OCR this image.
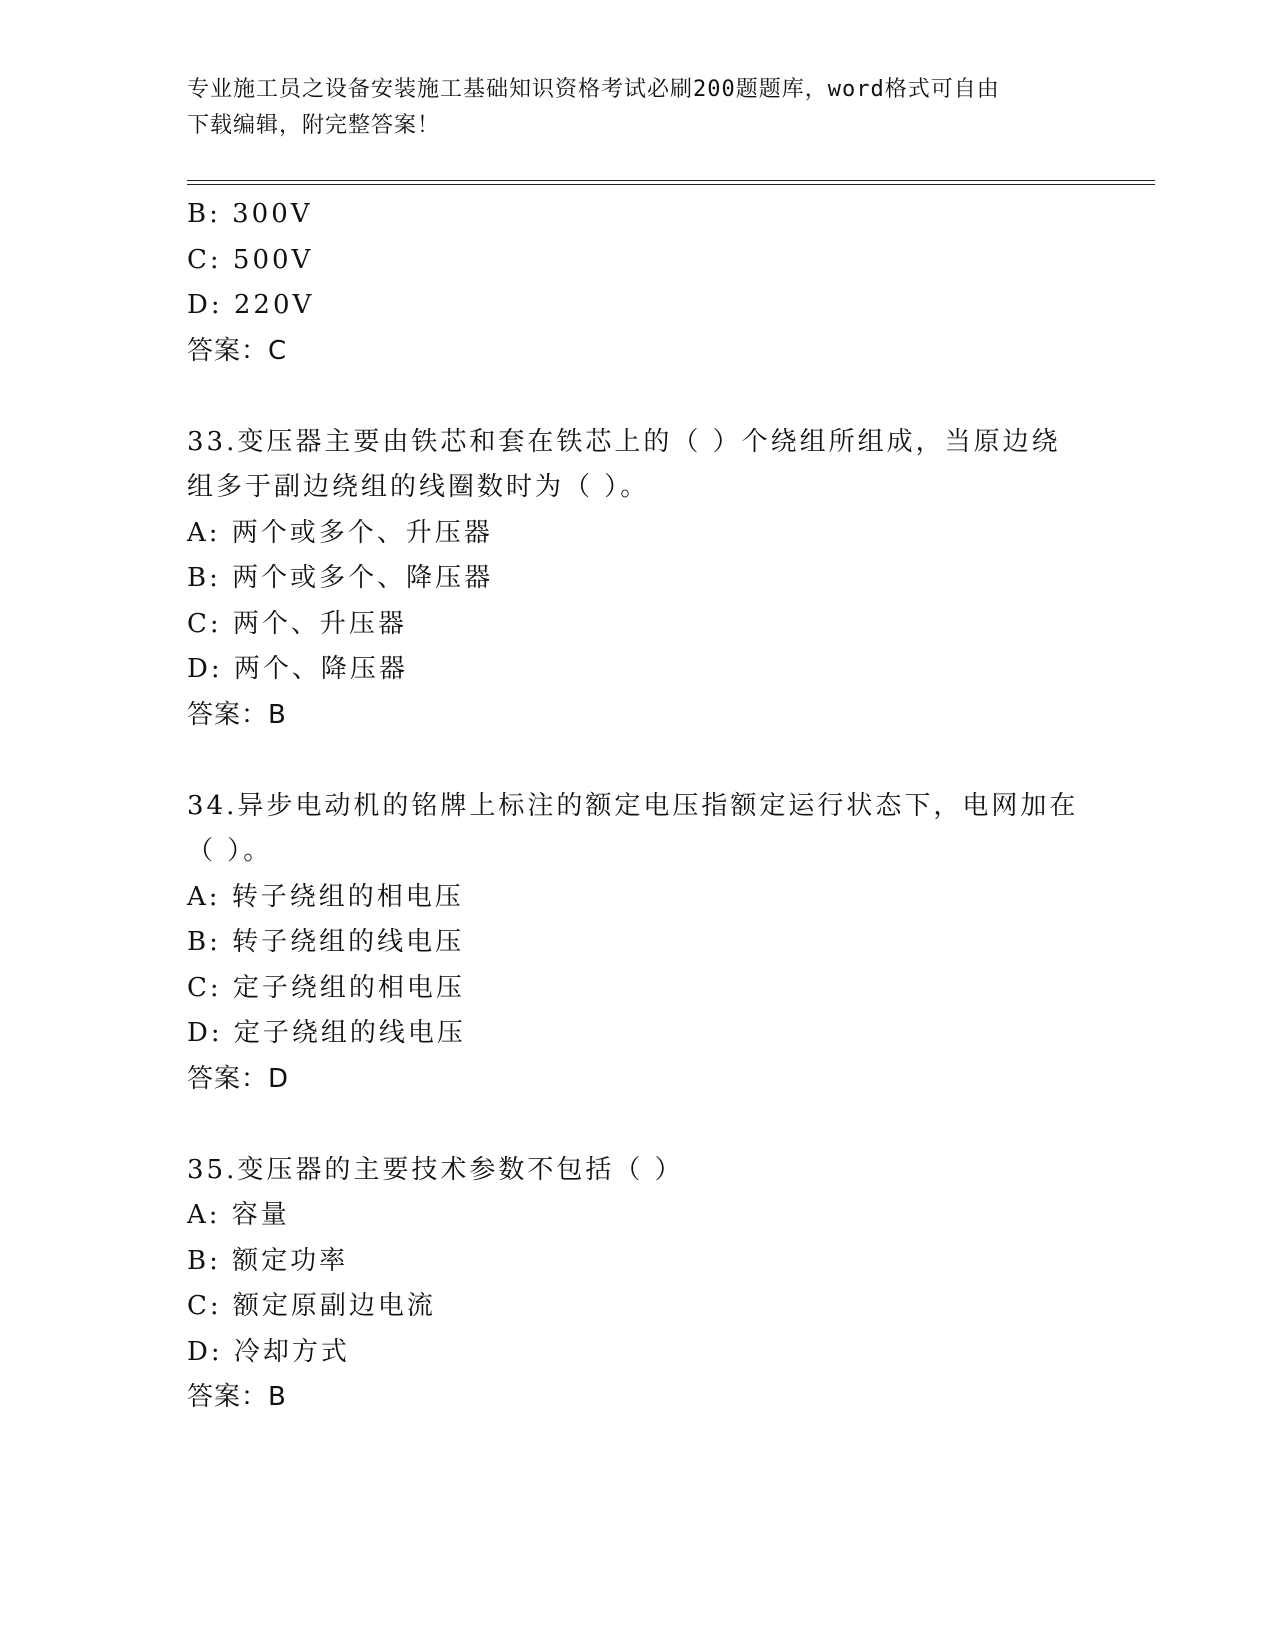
专业施工员之设备安装施工基础知识资格考试必刷200题题库，word格式可自由
下载编辑，附完整答案！
B: 300V
C: 500V
D: 220V
答案：C
33.变压器主要由铁芯和套在铁芯上的（ ）个绕组所组成，当原边绕
组多于副边绕组的线圈数时为（ ）。
A: 两个或多个、升压器
B: 两个或多个、降压器
C: 两个、升压器
D: 两个、降压器
答案：B
34.异步电动机的铭牌上标注的额定电压指额定运行状态下，电网加在
（ ）。
A: 转子绕组的相电压
B: 转子绕组的线电压
C: 定子绕组的相电压
D: 定子绕组的线电压
答案：D
35.变压器的主要技术参数不包括（ ）
A: 容量
B: 额定功率
C: 额定原副边电流
D: 冷却方式
答案：B
